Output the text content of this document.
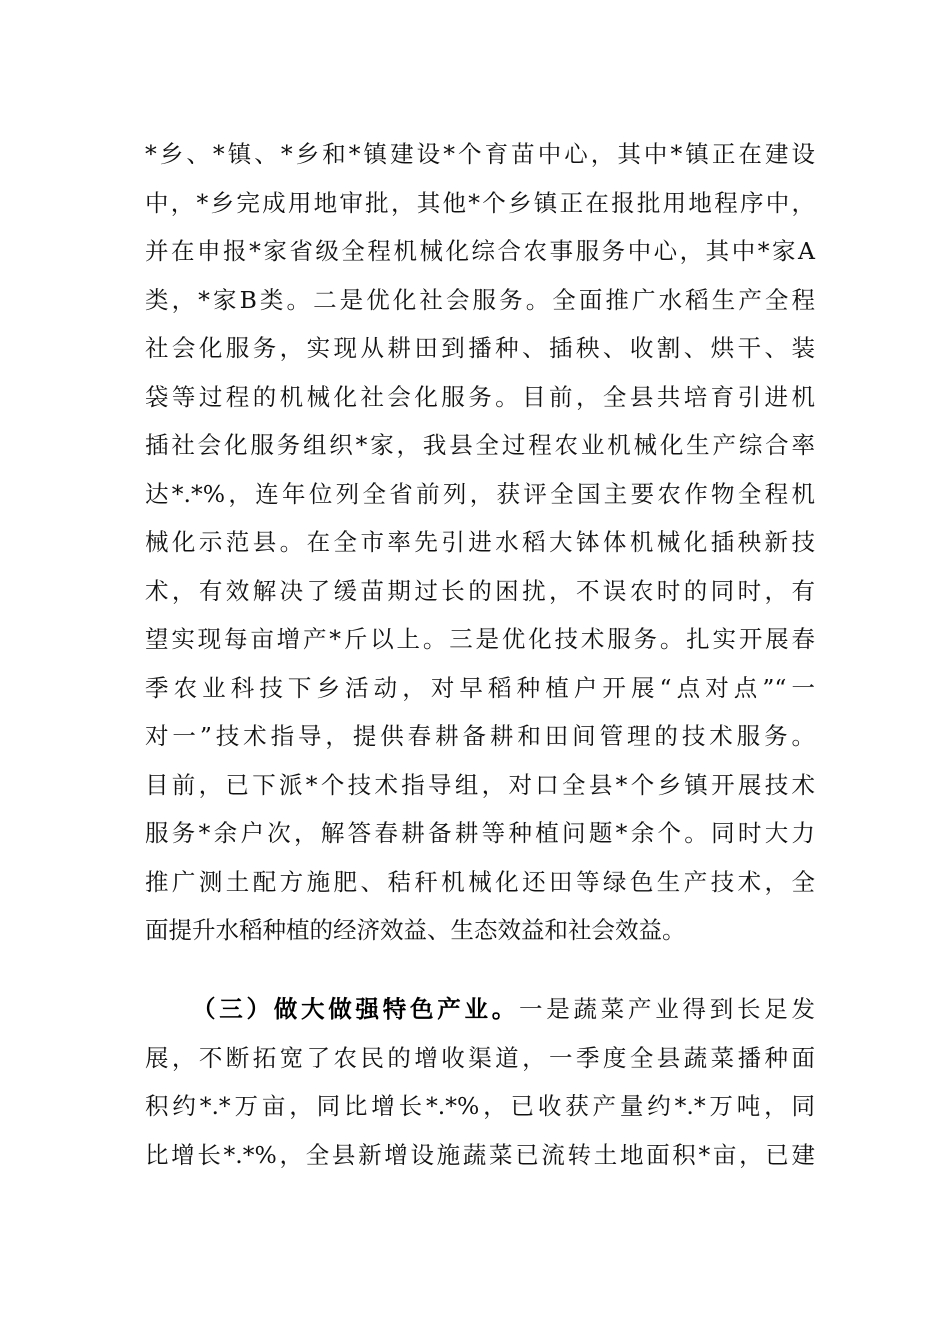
*乡、*镇、*乡和*镇建设*个育苗中心，其中*镇正在建设
中，*乡完成用地审批，其他*个乡镇正在报批用地程序中，
并在申报*家省级全程机械化综合农事服务中心，其中*家A
类，*家B类。二是优化社会服务。全面推广水稻生产全程
社会化服务，实现从耕田到播种、插秧、收割、烘干、装
袋等过程的机械化社会化服务。目前，全县共培育引进机
插社会化服务组织*家，我县全过程农业机械化生产综合率
达*.*%，连年位列全省前列，获评全国主要农作物全程机
械化示范县。在全市率先引进水稻大钵体机械化插秧新技
术，有效解决了缓苗期过长的困扰，不误农时的同时，有
望实现每亩增产*斤以上。三是优化技术服务。扎实开展春
季农业科技下乡活动，对早稻种植户开展“点对点”“一
对一”技术指导，提供春耕备耕和田间管理的技术服务。
目前，已下派*个技术指导组，对口全县*个乡镇开展技术
服务*余户次，解答春耕备耕等种植问题*余个。同时大力
推广测土配方施肥、秸秆机械化还田等绿色生产技术，全
面提升水稻种植的经济效益、生态效益和社会效益。
（三）做大做强特色产业。一是蔬菜产业得到长足发
展，不断拓宽了农民的增收渠道，一季度全县蔬菜播种面
积约*.*万亩，同比增长*.*%，已收获产量约*.*万吨，同
比增长*.*%，全县新增设施蔬菜已流转土地面积*亩，已建
